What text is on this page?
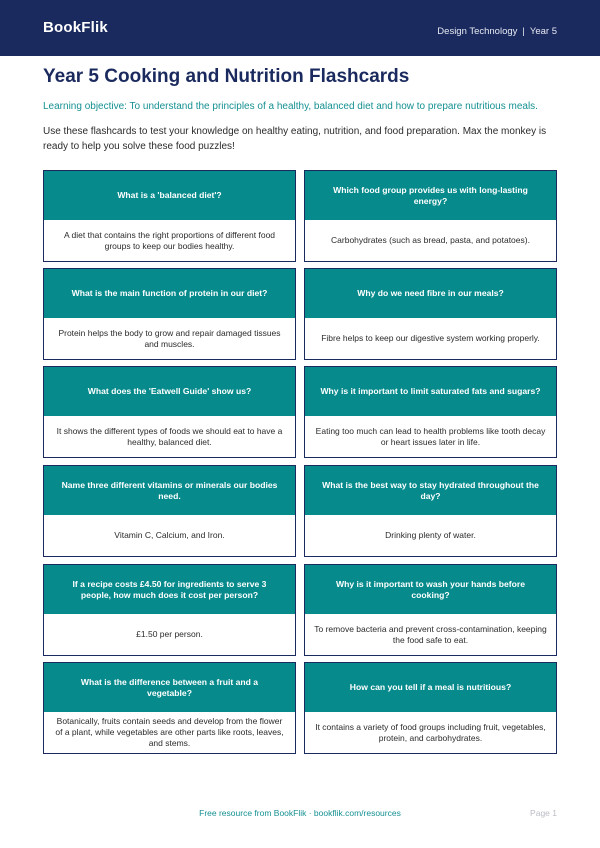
BookFlik	Design Technology | Year 5
Year 5 Cooking and Nutrition Flashcards
Learning objective: To understand the principles of a healthy, balanced diet and how to prepare nutritious meals.
Use these flashcards to test your knowledge on healthy eating, nutrition, and food preparation. Max the monkey is ready to help you solve these food puzzles!
What is a 'balanced diet'?
A diet that contains the right proportions of different food groups to keep our bodies healthy.
Which food group provides us with long-lasting energy?
Carbohydrates (such as bread, pasta, and potatoes).
What is the main function of protein in our diet?
Protein helps the body to grow and repair damaged tissues and muscles.
Why do we need fibre in our meals?
Fibre helps to keep our digestive system working properly.
What does the 'Eatwell Guide' show us?
It shows the different types of foods we should eat to have a healthy, balanced diet.
Why is it important to limit saturated fats and sugars?
Eating too much can lead to health problems like tooth decay or heart issues later in life.
Name three different vitamins or minerals our bodies need.
Vitamin C, Calcium, and Iron.
What is the best way to stay hydrated throughout the day?
Drinking plenty of water.
If a recipe costs £4.50 for ingredients to serve 3 people, how much does it cost per person?
£1.50 per person.
Why is it important to wash your hands before cooking?
To remove bacteria and prevent cross-contamination, keeping the food safe to eat.
What is the difference between a fruit and a vegetable?
Botanically, fruits contain seeds and develop from the flower of a plant, while vegetables are other parts like roots, leaves, and stems.
How can you tell if a meal is nutritious?
It contains a variety of food groups including fruit, vegetables, protein, and carbohydrates.
Free resource from BookFlik · bookflik.com/resources	Page 1
